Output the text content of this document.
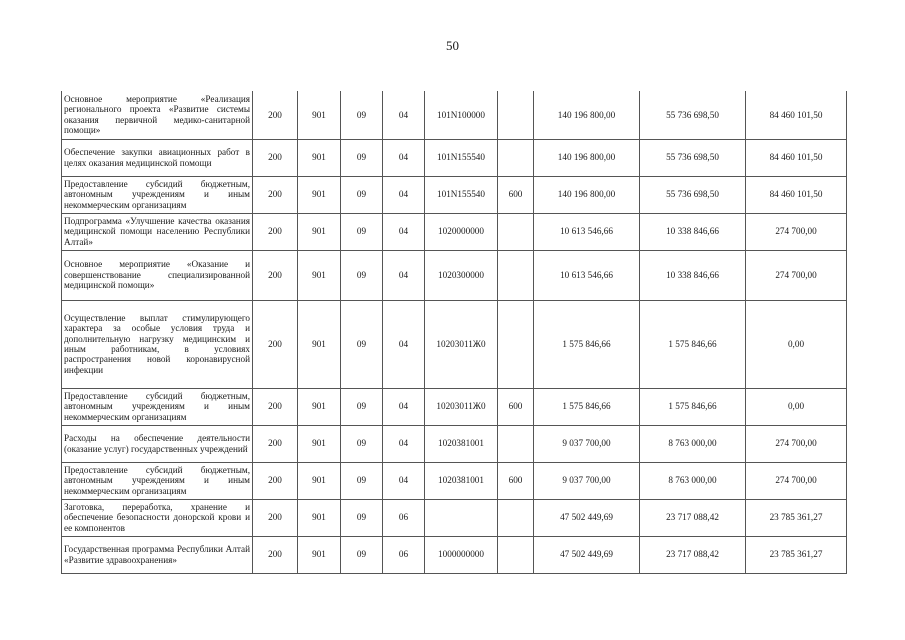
50
Основное мероприятие «Реализация регионального проекта «Развитие системы оказания первичной медико-санитарной помощи»	200	901	09	04	101N100000		140 196 800,00	55 736 698,50	84 460 101,50
Обеспечение закупки авиационных работ в целях оказания медицинской помощи	200	901	09	04	101N155540		140 196 800,00	55 736 698,50	84 460 101,50
Предоставление субсидий бюджетным, автономным учреждениям и иным некоммерческим организациям	200	901	09	04	101N155540	600	140 196 800,00	55 736 698,50	84 460 101,50
Подпрограмма «Улучшение качества оказания медицинской помощи населению Республики Алтай»	200	901	09	04	1020000000		10 613 546,66	10 338 846,66	274 700,00
Основное мероприятие «Оказание и совершенствование специализированной медицинской помощи»	200	901	09	04	1020300000		10 613 546,66	10 338 846,66	274 700,00
Осуществление выплат стимулирующего характера за особые условия труда и дополнительную нагрузку медицинским и иным работникам, в условиях распространения новой коронавирусной инфекции	200	901	09	04	10203011Ж0		1 575 846,66	1 575 846,66	0,00
Предоставление субсидий бюджетным, автономным учреждениям и иным некоммерческим организациям	200	901	09	04	10203011Ж0	600	1 575 846,66	1 575 846,66	0,00
Расходы на обеспечение деятельности (оказание услуг) государственных учреждений	200	901	09	04	1020381001		9 037 700,00	8 763 000,00	274 700,00
Предоставление субсидий бюджетным, автономным учреждениям и иным некоммерческим организациям	200	901	09	04	1020381001	600	9 037 700,00	8 763 000,00	274 700,00
Заготовка, переработка, хранение и обеспечение безопасности донорской крови и ее компонентов	200	901	09	06			47 502 449,69	23 717 088,42	23 785 361,27
Государственная программа Республики Алтай «Развитие здравоохранения»	200	901	09	06	1000000000		47 502 449,69	23 717 088,42	23 785 361,27
